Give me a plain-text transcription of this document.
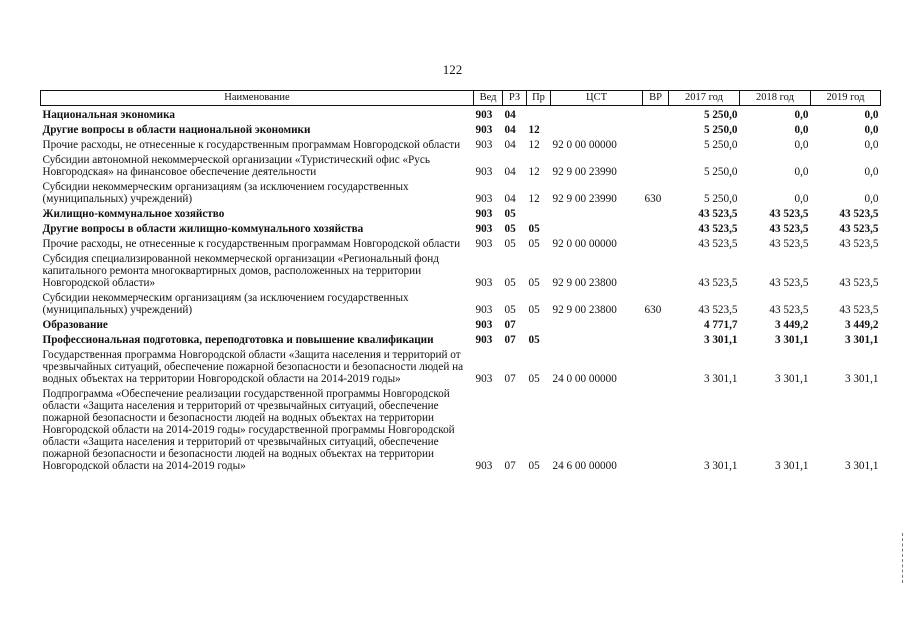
122
Наименование	Вед	РЗ	Пр	ЦСТ	ВР	2017 год	2018 год	2019 год
Национальная экономика	903	04				5 250,0	0,0	0,0
Другие вопросы в области национальной экономики	903	04	12			5 250,0	0,0	0,0
Прочие расходы, не отнесенные к государственным программам Новгородской области	903	04	12	92 0 00 00000		5 250,0	0,0	0,0
Субсидии автономной некоммерческой организации «Туристический офис «Русь Новгородская» на финансовое обеспечение деятельности	903	04	12	92 9 00 23990		5 250,0	0,0	0,0
Субсидии некоммерческим организациям (за исключением государственных (муниципальных) учреждений)	903	04	12	92 9 00 23990	630	5 250,0	0,0	0,0
Жилищно-коммунальное хозяйство	903	05				43 523,5	43 523,5	43 523,5
Другие вопросы в области жилищно-коммунального хозяйства	903	05	05			43 523,5	43 523,5	43 523,5
Прочие расходы, не отнесенные к государственным программам Новгородской области	903	05	05	92 0 00 00000		43 523,5	43 523,5	43 523,5
Субсидия специализированной некоммерческой организации «Региональный фонд капитального ремонта многоквартирных домов, расположенных на территории Новгородской области»	903	05	05	92 9 00 23800		43 523,5	43 523,5	43 523,5
Субсидии некоммерческим организациям (за исключением государственных (муниципальных) учреждений)	903	05	05	92 9 00 23800	630	43 523,5	43 523,5	43 523,5
Образование	903	07				4 771,7	3 449,2	3 449,2
Профессиональная подготовка, переподготовка и повышение квалификации	903	07	05			3 301,1	3 301,1	3 301,1
Государственная программа Новгородской области «Защита населения и территорий от чрезвычайных ситуаций, обеспечение пожарной безопасности и безопасности людей на водных объектах на территории Новгородской области на 2014-2019 годы»	903	07	05	24 0 00 00000		3 301,1	3 301,1	3 301,1
Подпрограмма «Обеспечение реализации государственной программы Новгородской области «Защита населения и территорий от чрезвычайных ситуаций, обеспечение пожарной безопасности и безопасности людей на водных объектах на территории Новгородской области на 2014-2019 годы» государственной программы Новгородской области «Защита населения и территорий от чрезвычайных ситуаций, обеспечение пожарной безопасности и безопасности людей на водных объектах на территории Новгородской области на 2014-2019 годы»	903	07	05	24 6 00 00000		3 301,1	3 301,1	3 301,1
